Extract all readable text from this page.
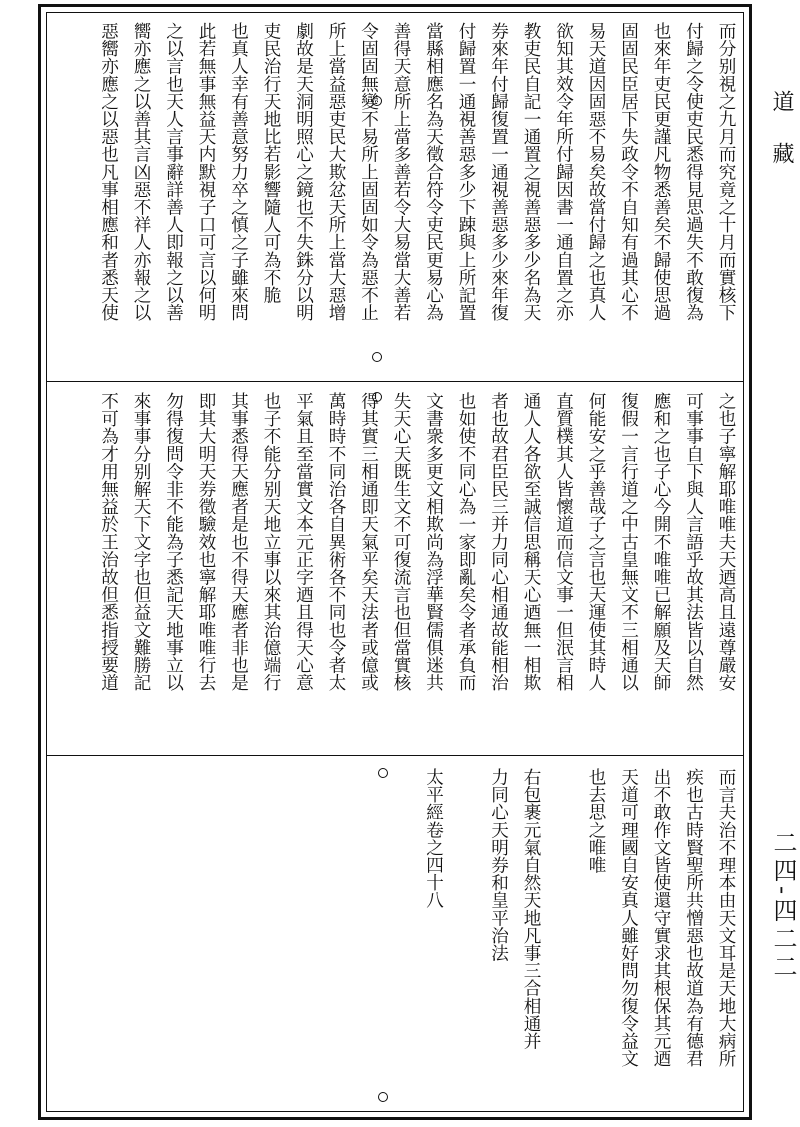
而分别視之九月而究竟之十月而實核下
付歸之令使吏民悉得見思過失不敢復為
也來年吏民更謹凡物悉善矣不歸使思過
固固民臣居下失政令不自知有過其心不
易天道因固惡不易矣故當付歸之也真人
欲知其效令年所付歸因書一通自置之亦
教吏民自記一通置之視善惡多少名為天
券來年付歸復置一通視善惡多少來年復
付歸置一通視善惡多少下踈與上所記置
當縣相應名為天徵合符令吏民更易心為
善得天意所上當多善若令大易當大善若
令固固無變不易所上固固如令為惡不止
所上當益惡吏民大欺忿天所上當大惡增
劇故是天洞明照心之鏡也不失銖分以明
吏民治行天地比若影響隨人可為不脆
也真人幸有善意努力卒之慎之子雖來問
此若無事無益天内默視子口可言以何明
之以言也天人言事辭詳善人即報之以善
嚮亦應之以善其言凶惡不祥人亦報之以
惡嚮亦應之以惡也凡事相應和者悉天使
之也子寧解耶唯唯夫天迺高且遠尊嚴安
可事事自下與人言語乎故其法皆以自然
應和之也子心今開不唯唯已解願及天師
復假一言行道之中古皇無文不三相通以
何能安之乎善哉子之言也天運使其時人
直質樸其人皆懷道而信文事一但泯言相
通人人各欲至誠信思稱天心迺無一相欺
者也故君臣民三并力同心相通故能相治
也如使不同心為一家即亂矣令者承負而
文書衆多更文相欺尚為浮華賢儒俱迷共
失天心天既生文不可復流言也但當實核
得其實三相通即天氣平矣天法者或億或
萬時時不同治各自異術各不同也令者太
平氣且至當實文本元正字迺且得天心意
也子不能分别天地立事以來其治億端行
其事悉得天應者是也不得天應者非也是
即其大明天券徵驗效也寧解耶唯唯行去
勿得復問令非不能為子悉記天地事立以
來事事分别解天下文字也但益文難勝記
不可為才用無益於王治故但悉指授要道
而言夫治不理本由天文耳是天地大病所
疾也古時賢聖所共憎惡也故道為有德君
出不敢作文皆使還守實求其根保其元迺
天道可理國自安真人雖好問勿復令益文
也去思之唯唯
右包裹元氣自然天地凡事三合相通并
力同心天明券和皇平治法
太平經卷之四十八
道藏
二四-四二二
